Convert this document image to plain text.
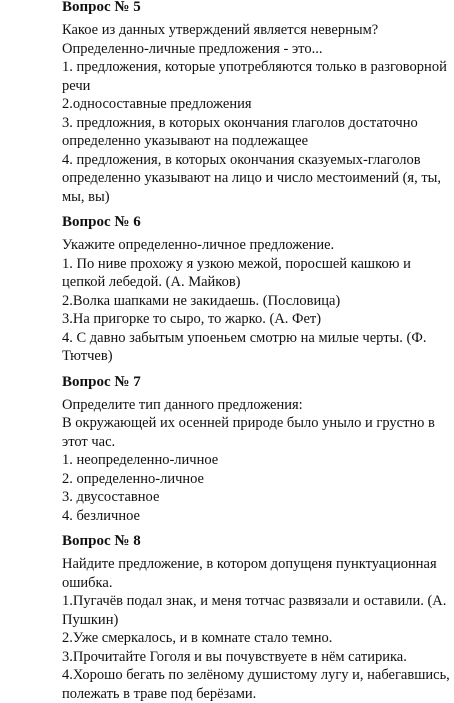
Вопрос № 5

Какое из данных утверждений является неверным?

Определенно-личные предложения - это...

1. предложения, которые употребляются только в разговорной речи

2.односоставные предложения

3. предложния, в которых окончания глаголов достаточно определенно указывают на подлежащее

4. предложения, в которых окончания сказуемых-глаголов определенно указывают на лицо и число местоимений (я, ты, мы, вы)

Вопрос № 6

Укажите определенно-личное предложение.

1. По ниве прохожу я узкою межой, поросшей кашкою и цепкой лебедой. (А. Майков)

2.Волка шапками не закидаешь. (Пословица)

3.На пригорке то сыро, то жарко. (А. Фет)

4. С давно забытым упоеньем смотрю на милые черты. (Ф. Тютчев)

Вопрос № 7

Определите тип данного предложения:

В окружающей их осенней природе было уныло и грустно в этот час.

1. неопределенно-личное

2. определенно-личное

3. двусоставное

4. безличное

Вопрос № 8

Найдите предложение, в котором допущеня пунктуационная ошибка.

1.Пугачёв подал знак, и меня тотчас развязали и оставили. (А. Пушкин)

2.Уже смеркалось, и в комнате стало темно.

3.Прочитайте Гоголя и вы почувствуете в нём сатирика.

4.Хорошо бегать по зелёному душистому лугу и, набегавшись, полежать в траве под берёзами.
